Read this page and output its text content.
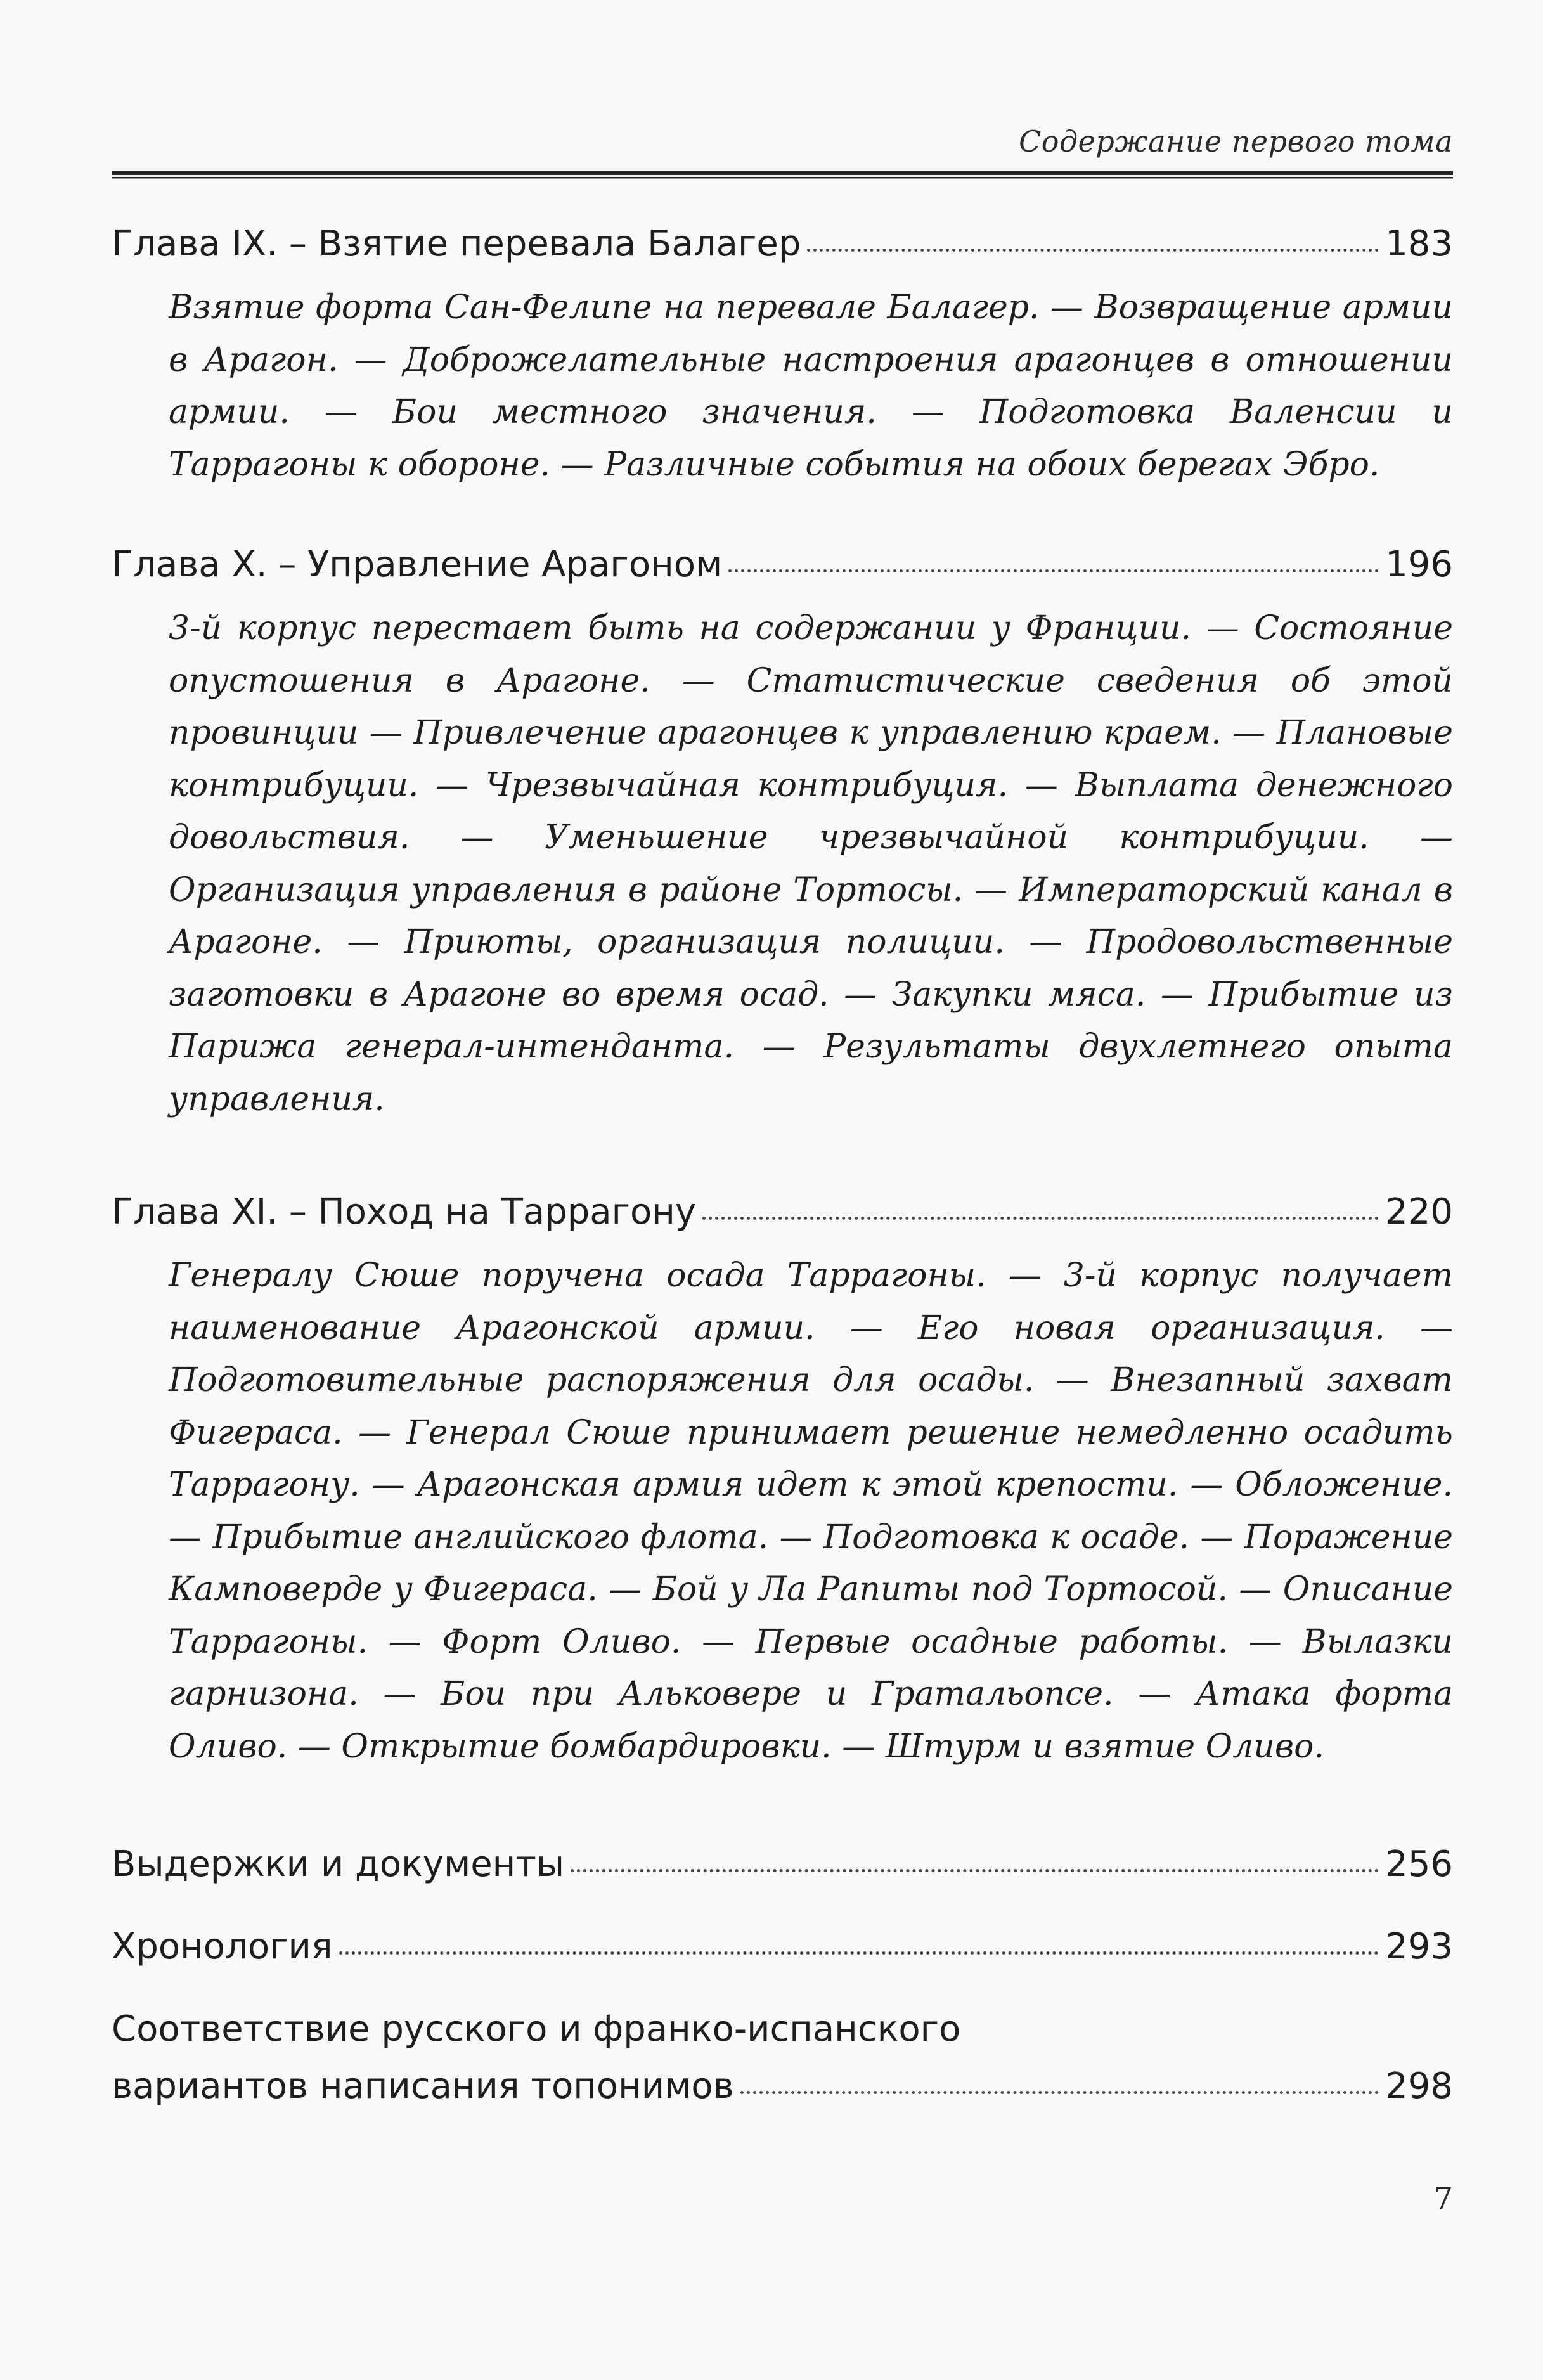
Содержание первого тома
Глава IX. – Взятие перевала Балагер	183
Взятие форта Сан-Фелипе на перевале Балагер. — Возвращение армии в Арагон. — Доброжелательные настроения арагонцев в отношении армии. — Бои местного значения. — Подготовка Валенсии и Таррагоны к обороне. — Различные события на обоих берегах Эбро.
Глава X. – Управление Арагоном	196
3-й корпус перестает быть на содержании у Франции. — Состояние опустошения в Арагоне. — Статистические сведения об этой провинции — Привлечение арагонцев к управлению краем. — Плановые контрибуции. — Чрезвычайная контрибуция. — Выплата денежного довольствия. — Уменьшение чрезвычайной контрибуции. — Организация управления в районе Тортосы. — Императорский канал в Арагоне. — Приюты, организация полиции. — Продовольственные заготовки в Арагоне во время осад. — Закупки мяса. — Прибытие из Парижа генерал-интенданта. — Результаты двухлетнего опыта управления.
Глава XI. – Поход на Таррагону	220
Генералу Сюше поручена осада Таррагоны. — 3-й корпус получает наименование Арагонской армии. — Его новая организация. — Подготовительные распоряжения для осады. — Внезапный захват Фигераса. — Генерал Сюше принимает решение немедленно осадить Таррагону. — Арагонская армия идет к этой крепости. — Обложение. — Прибытие английского флота. — Подготовка к осаде. — Поражение Камповерде у Фигераса. — Бой у Ла Рапиты под Тортосой. — Описание Таррагоны. — Форт Оливо. — Первые осадные работы. — Вылазки гарнизона. — Бои при Альковере и Гратальопсе. — Атака форта Оливо. — Открытие бомбардировки. — Штурм и взятие Оливо.
Выдержки и документы	256
Хронология	293
Соответствие русского и франко-испанского
вариантов написания топонимов	298
7
